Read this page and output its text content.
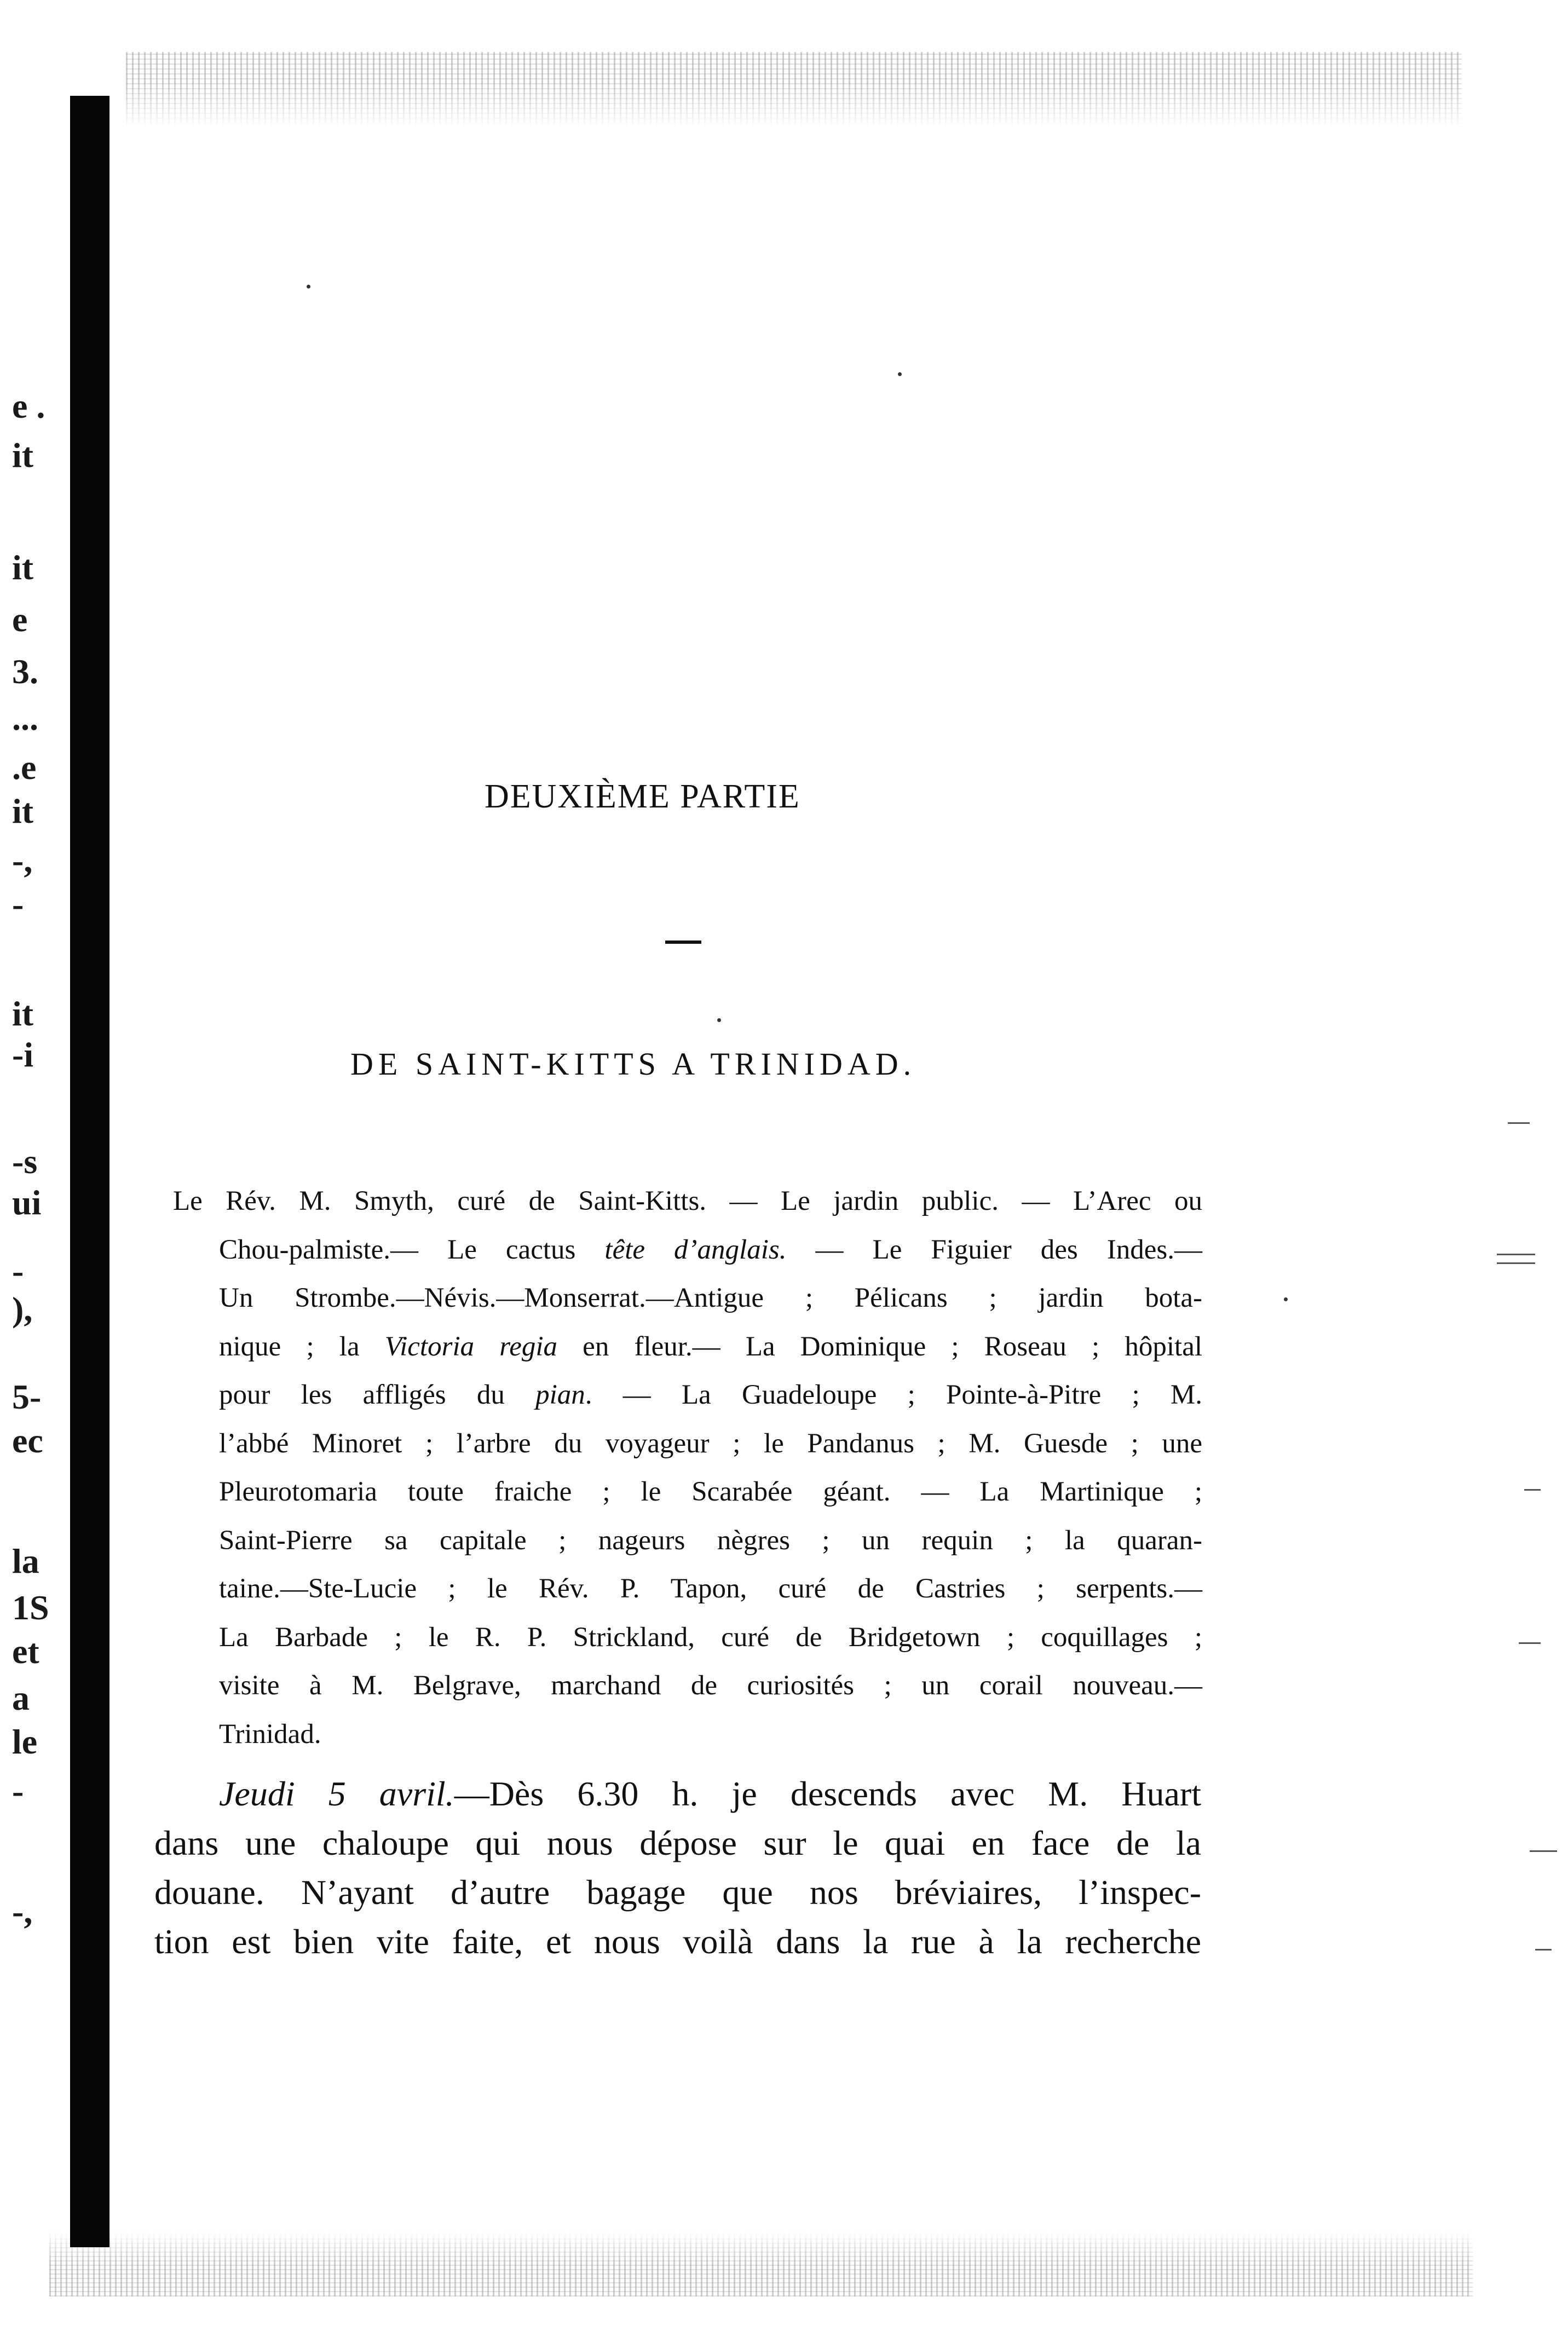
e .
it
it
e
3.
...
.e
it
-,
-
it
-i
-s
ui
-
),
5-
ec
la
1S
et
a
le
-
-,
DEUXIÈME PARTIE
DE SAINT-KITTS A TRINIDAD.
Le Rév. M. Smyth, curé de Saint-Kitts. — Le jardin public. — L’Arec ou
Chou-palmiste.— Le cactus tête d’anglais. — Le Figuier des Indes.—
Un Strombe.—Névis.—Monserrat.—Antigue ; Pélicans ; jardin bota-
nique ; la Victoria regia en fleur.— La Dominique ; Roseau ; hôpital
pour les affligés du pian. — La Guadeloupe ; Pointe-à-Pitre ; M.
l’abbé Minoret ; l’arbre du voyageur ; le Pandanus ; M. Guesde ; une
Pleurotomaria toute fraiche ; le Scarabée géant. — La Martinique ;
Saint-Pierre sa capitale ; nageurs nègres ; un requin ; la quaran-
taine.—Ste-Lucie ; le Rév. P. Tapon, curé de Castries ; serpents.—
La Barbade ; le R. P. Strickland, curé de Bridgetown ; coquillages ;
visite à M. Belgrave, marchand de curiosités ; un corail nouveau.—
Trinidad.
Jeudi 5 avril.—Dès 6.30 h. je descends avec M. Huart
dans une chaloupe qui nous dépose sur le quai en face de la
douane. N’ayant d’autre bagage que nos bréviaires, l’inspec-
tion est bien vite faite, et nous voilà dans la rue à la recherche
